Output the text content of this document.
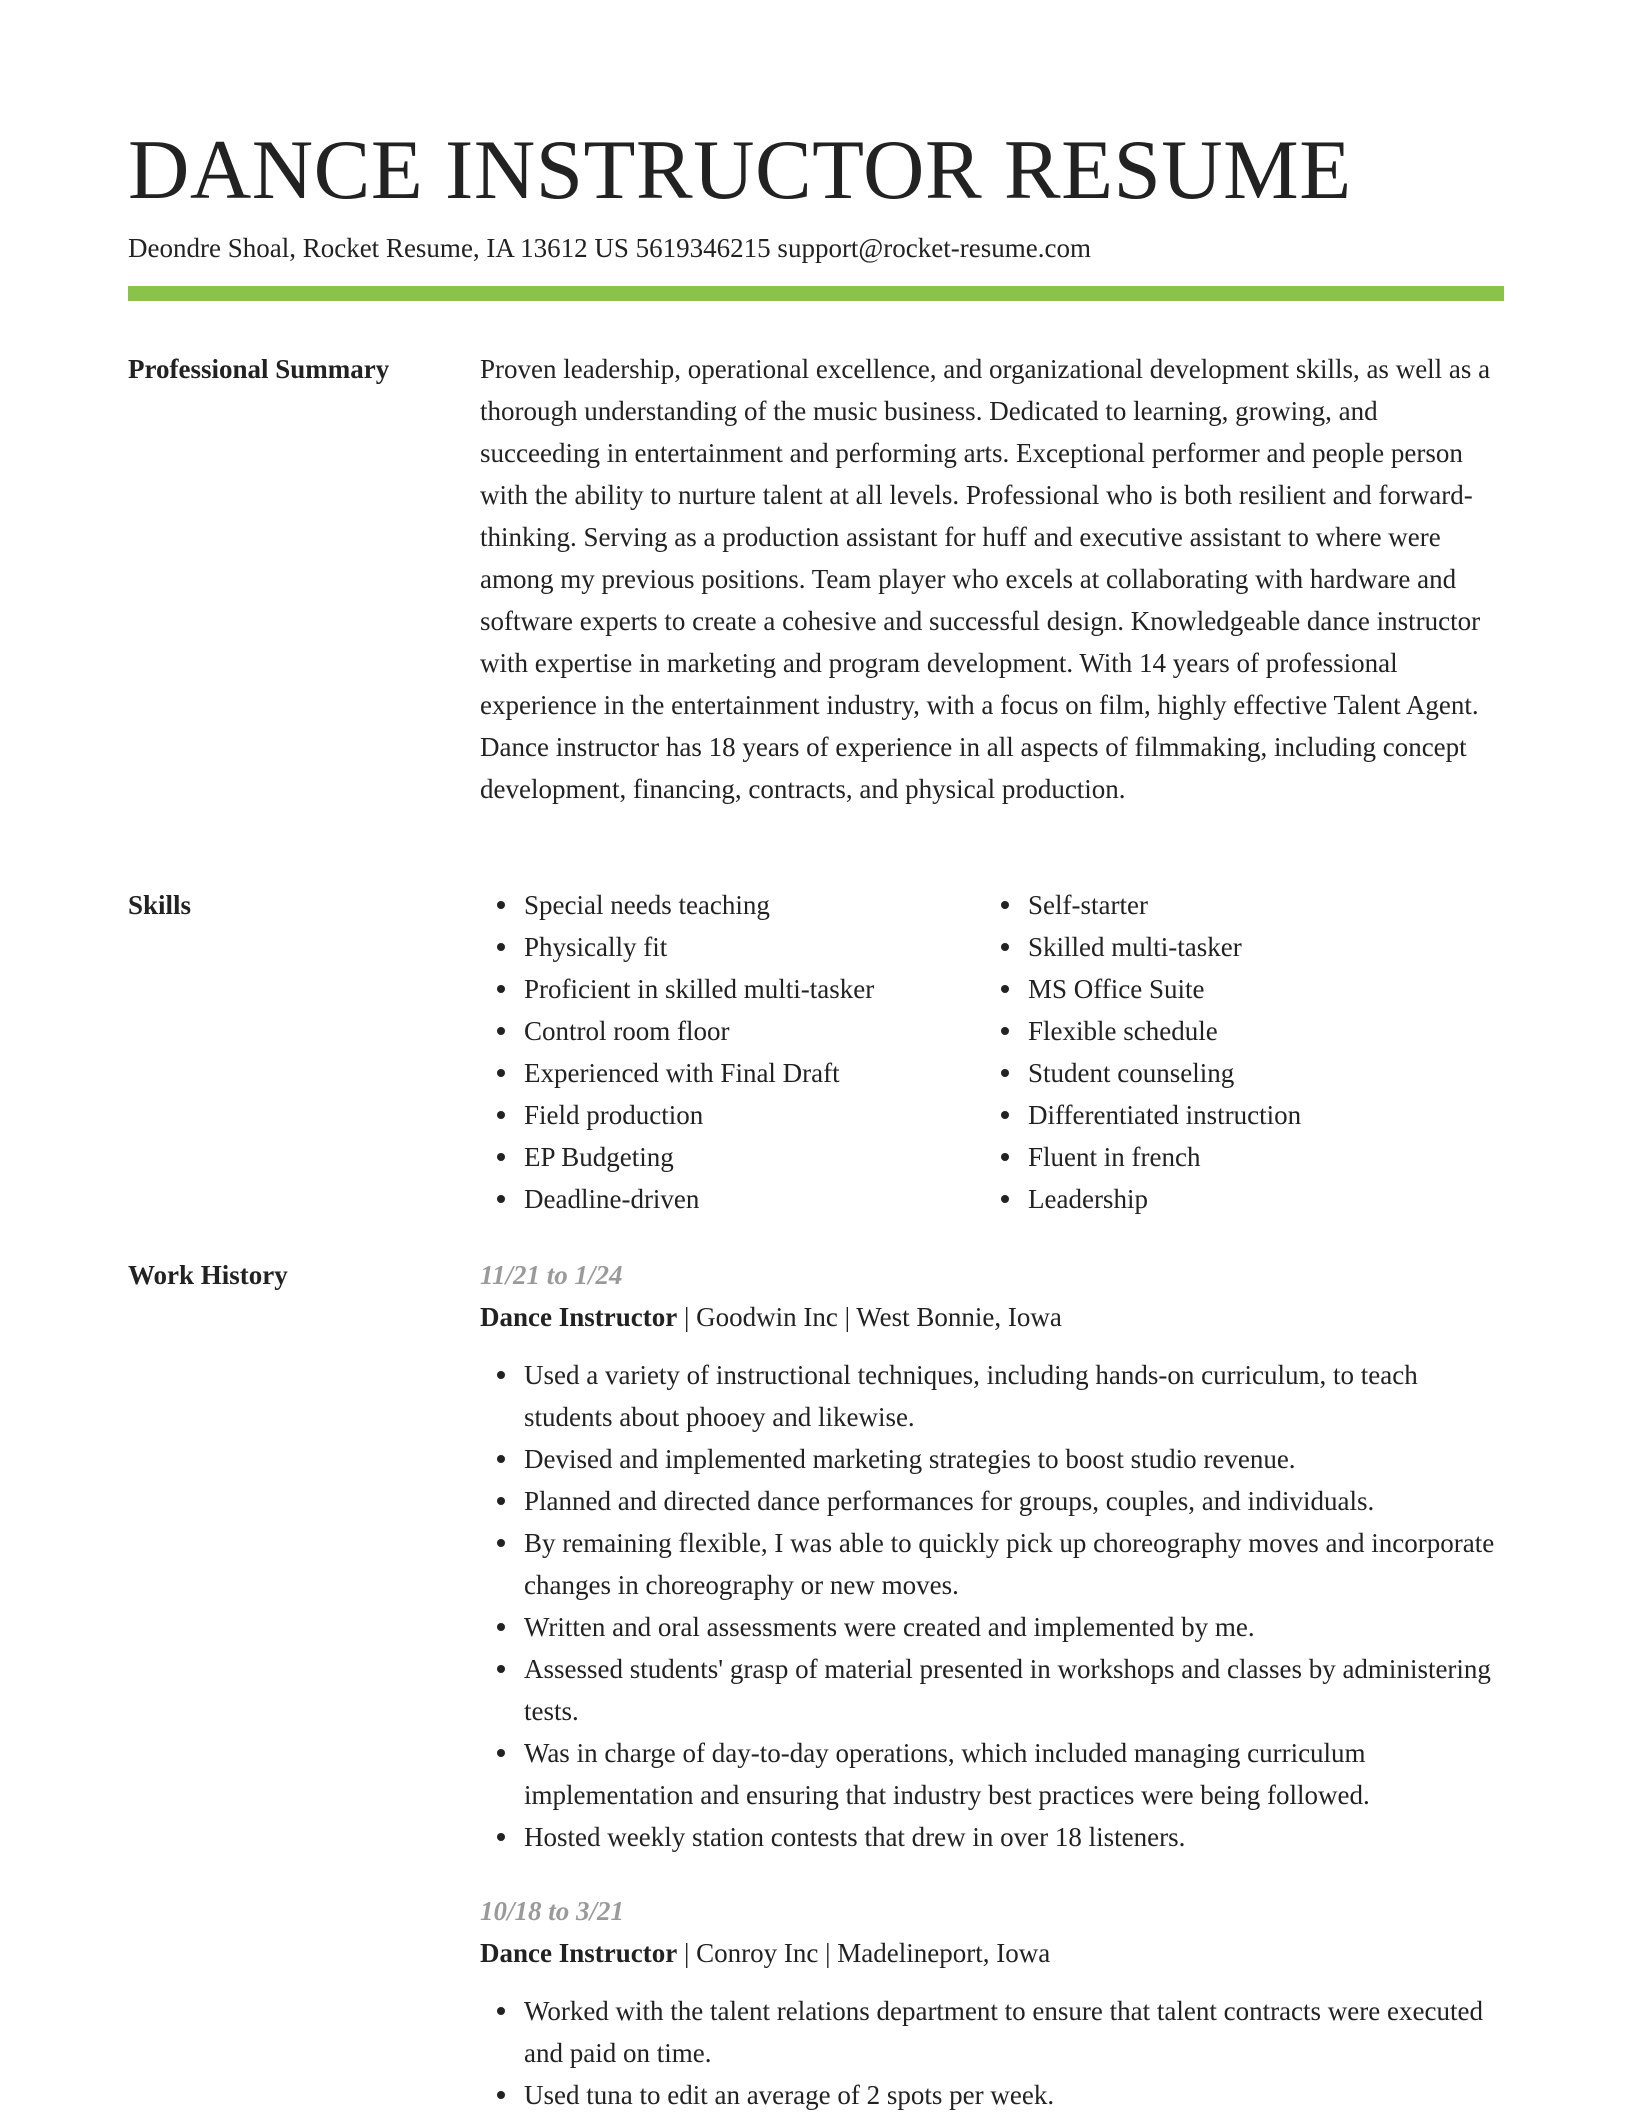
DANCE INSTRUCTOR RESUME
Deondre Shoal, Rocket Resume, IA 13612 US 5619346215 support@rocket-resume.com
Professional Summary	Proven leadership, operational excellence, and organizational development skills, as well as a thorough understanding of the music business. Dedicated to learning, growing, and succeeding in entertainment and performing arts. Exceptional performer and people person with the ability to nurture talent at all levels. Professional who is both resilient and forward-thinking. Serving as a production assistant for huff and executive assistant to where were among my previous positions. Team player who excels at collaborating with hardware and software experts to create a cohesive and successful design. Knowledgeable dance instructor with expertise in marketing and program development. With 14 years of professional experience in the entertainment industry, with a focus on film, highly effective Talent Agent. Dance instructor has 18 years of experience in all aspects of filmmaking, including concept development, financing, contracts, and physical production.

Skills	Special needs teaching
Physically fit
Proficient in skilled multi-tasker
Control room floor
Experienced with Final Draft
Field production
EP Budgeting
Deadline-driven
Self-starter
Skilled multi-tasker
MS Office Suite
Flexible schedule
Student counseling
Differentiated instruction
Fluent in french
Leadership
Work History	11/21 to 1/24
Dance Instructor | Goodwin Inc | West Bonnie, Iowa
Used a variety of instructional techniques, including hands-on curriculum, to teach students about phooey and likewise.
Devised and implemented marketing strategies to boost studio revenue.
Planned and directed dance performances for groups, couples, and individuals.
By remaining flexible, I was able to quickly pick up choreography moves and incorporate changes in choreography or new moves.
Written and oral assessments were created and implemented by me.
Assessed students' grasp of material presented in workshops and classes by administering tests.
Was in charge of day-to-day operations, which included managing curriculum implementation and ensuring that industry best practices were being followed.
Hosted weekly station contests that drew in over 18 listeners.
10/18 to 3/21
Dance Instructor | Conroy Inc | Madelineport, Iowa
Worked with the talent relations department to ensure that talent contracts were executed and paid on time.
Used tuna to edit an average of 2 spots per week.
